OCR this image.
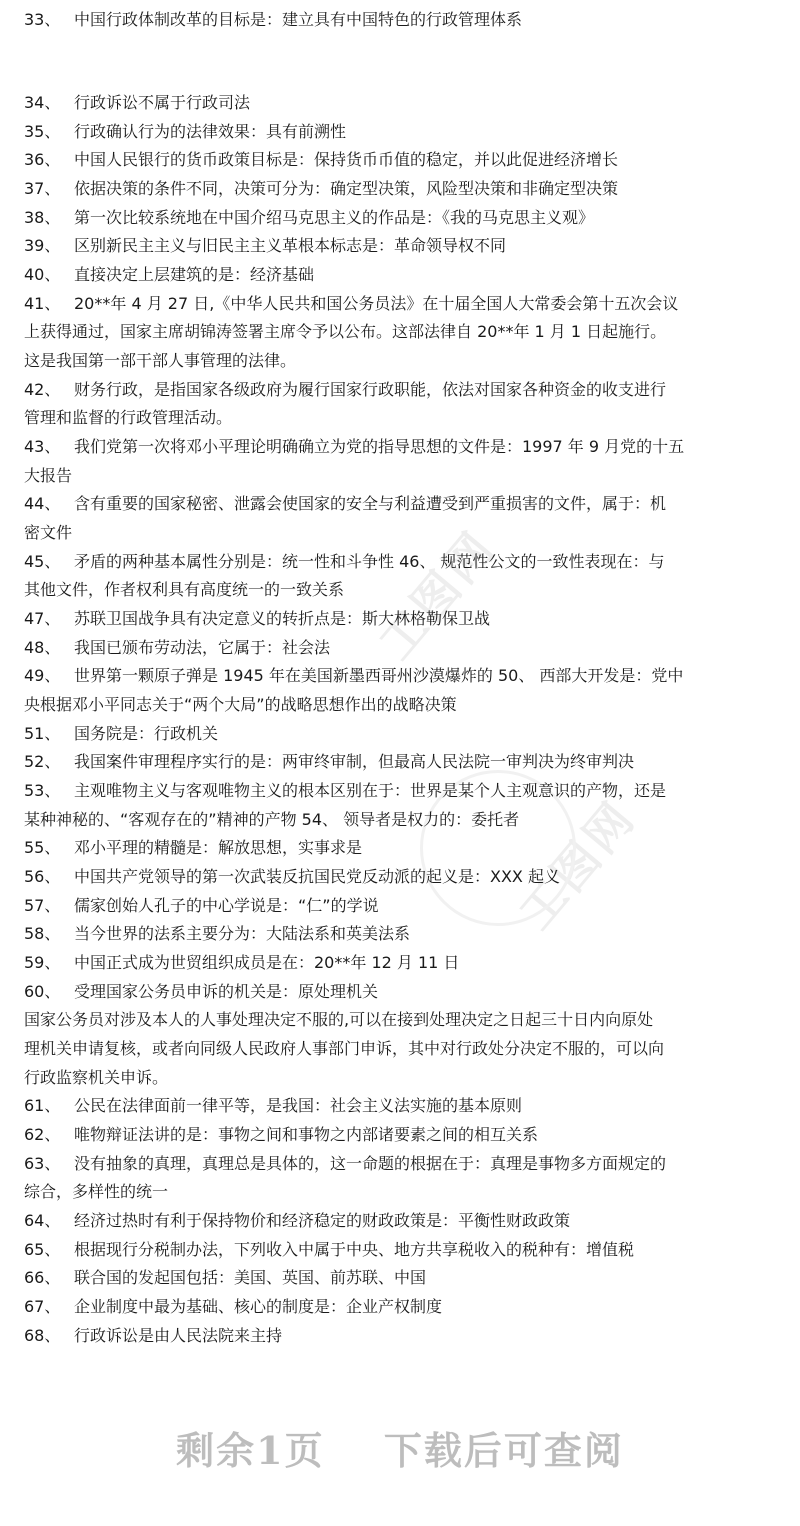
工图网
工图网
33、 中国行政体制改革的目标是：建立具有中国特色的行政管理体系
34、 行政诉讼不属于行政司法
35、 行政确认行为的法律效果：具有前溯性
36、 中国人民银行的货币政策目标是：保持货币币值的稳定，并以此促进经济增长
37、 依据决策的条件不同，决策可分为：确定型决策，风险型决策和非确定型决策
38、 第一次比较系统地在中国介绍马克思主义的作品是：《我的马克思主义观》
39、 区别新民主主义与旧民主主义革根本标志是：革命领导权不同
40、 直接决定上层建筑的是：经济基础
41、 20**年 4 月 27 日,《中华人民共和国公务员法》在十届全国人大常委会第十五次会议
上获得通过，国家主席胡锦涛签署主席令予以公布。这部法律自 20**年 1 月 1 日起施行。
这是我国第一部干部人事管理的法律。
42、 财务行政，是指国家各级政府为履行国家行政职能，依法对国家各种资金的收支进行
管理和监督的行政管理活动。
43、 我们党第一次将邓小平理论明确确立为党的指导思想的文件是：1997 年 9 月党的十五
大报告
44、 含有重要的国家秘密、泄露会使国家的安全与利益遭受到严重损害的文件，属于：机
密文件
45、 矛盾的两种基本属性分别是：统一性和斗争性 46、 规范性公文的一致性表现在：与
其他文件，作者权利具有高度统一的一致关系
47、 苏联卫国战争具有决定意义的转折点是：斯大林格勒保卫战
48、 我国已颁布劳动法，它属于：社会法
49、 世界第一颗原子弹是 1945 年在美国新墨西哥州沙漠爆炸的 50、 西部大开发是：党中
央根据邓小平同志关于“两个大局”的战略思想作出的战略决策
51、 国务院是：行政机关
52、 我国案件审理程序实行的是：两审终审制，但最高人民法院一审判决为终审判决
53、 主观唯物主义与客观唯物主义的根本区别在于：世界是某个人主观意识的产物，还是
某种神秘的、“客观存在的”精神的产物 54、 领导者是权力的：委托者
55、 邓小平理的精髓是：解放思想，实事求是
56、 中国共产党领导的第一次武装反抗国民党反动派的起义是：XXX 起义
57、 儒家创始人孔子的中心学说是：“仁”的学说
58、 当今世界的法系主要分为：大陆法系和英美法系
59、 中国正式成为世贸组织成员是在：20**年 12 月 11 日
60、 受理国家公务员申诉的机关是：原处理机关
国家公务员对涉及本人的人事处理决定不服的,可以在接到处理决定之日起三十日内向原处
理机关申请复核，或者向同级人民政府人事部门申诉，其中对行政处分决定不服的，可以向
行政监察机关申诉。
61、 公民在法律面前一律平等，是我国：社会主义法实施的基本原则
62、 唯物辩证法讲的是：事物之间和事物之内部诸要素之间的相互关系
63、 没有抽象的真理，真理总是具体的，这一命题的根据在于：真理是事物多方面规定的
综合，多样性的统一
64、 经济过热时有利于保持物价和经济稳定的财政政策是：平衡性财政政策
65、 根据现行分税制办法，下列收入中属于中央、地方共享税收入的税种有：增值税
66、 联合国的发起国包括：美国、英国、前苏联、中国
67、 企业制度中最为基础、核心的制度是：企业产权制度
68、 行政诉讼是由人民法院来主持
剩余1页 下载后可查阅
